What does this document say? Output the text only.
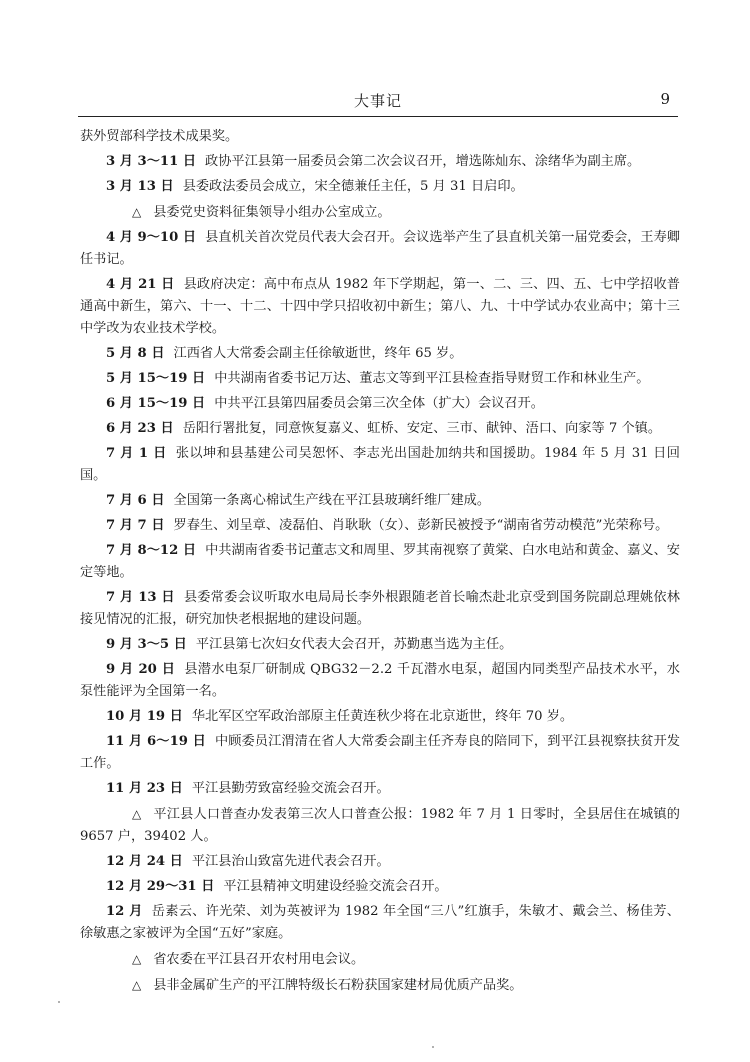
大事记	9

获外贸部科学技术成果奖。

3 月 3～11 日 政协平江县第一届委员会第二次会议召开，增选陈灿东、涂绪华为副主席。

3 月 13 日 县委政法委员会成立，宋全德兼任主任，5 月 31 日启印。

△ 县委党史资料征集领导小组办公室成立。

4 月 9～10 日 县直机关首次党员代表大会召开。会议选举产生了县直机关第一届党委会，王寿卿任书记。

4 月 21 日 县政府决定：高中布点从 1982 年下学期起，第一、二、三、四、五、七中学招收普通高中新生，第六、十一、十二、十四中学只招收初中新生；第八、九、十中学试办农业高中；第十三中学改为农业技术学校。

5 月 8 日 江西省人大常委会副主任徐敏逝世，终年 65 岁。

5 月 15～19 日 中共湖南省委书记万达、董志文等到平江县检查指导财贸工作和林业生产。

6 月 15～19 日 中共平江县第四届委员会第三次全体（扩大）会议召开。

6 月 23 日 岳阳行署批复，同意恢复嘉义、虹桥、安定、三市、献钟、浯口、向家等 7 个镇。

7 月 1 日 张以坤和县基建公司吴恕怀、李志光出国赴加纳共和国援助。1984 年 5 月 31 日回国。

7 月 6 日 全国第一条离心棉试生产线在平江县玻璃纤维厂建成。

7 月 7 日 罗春生、刘呈章、凌磊伯、肖耿耿（女）、彭新民被授予“湖南省劳动模范”光荣称号。

7 月 8～12 日 中共湖南省委书记董志文和周里、罗其南视察了黄棠、白水电站和黄金、嘉义、安定等地。

7 月 13 日 县委常委会议听取水电局局长李外根跟随老首长喻杰赴北京受到国务院副总理姚依林接见情况的汇报，研究加快老根据地的建设问题。

9 月 3～5 日 平江县第七次妇女代表大会召开，苏勤惠当选为主任。

9 月 20 日 县潜水电泵厂研制成 QBG32－2.2 千瓦潜水电泵，超国内同类型产品技术水平，水泵性能评为全国第一名。

10 月 19 日 华北军区空军政治部原主任黄连秋少将在北京逝世，终年 70 岁。

11 月 6～19 日 中顾委员江渭清在省人大常委会副主任齐寿良的陪同下，到平江县视察扶贫开发工作。

11 月 23 日 平江县勤劳致富经验交流会召开。

△ 平江县人口普查办发表第三次人口普查公报：1982 年 7 月 1 日零时，全县居住在城镇的 9657 户，39402 人。

12 月 24 日 平江县治山致富先进代表会召开。

12 月 29～31 日 平江县精神文明建设经验交流会召开。

12 月 岳素云、许光荣、刘为英被评为 1982 年全国“三八”红旗手，朱敏才、戴会兰、杨佳芳、徐敏惠之家被评为全国“五好”家庭。

△ 省农委在平江县召开农村用电会议。

△ 县非金属矿生产的平江牌特级长石粉获国家建材局优质产品奖。
